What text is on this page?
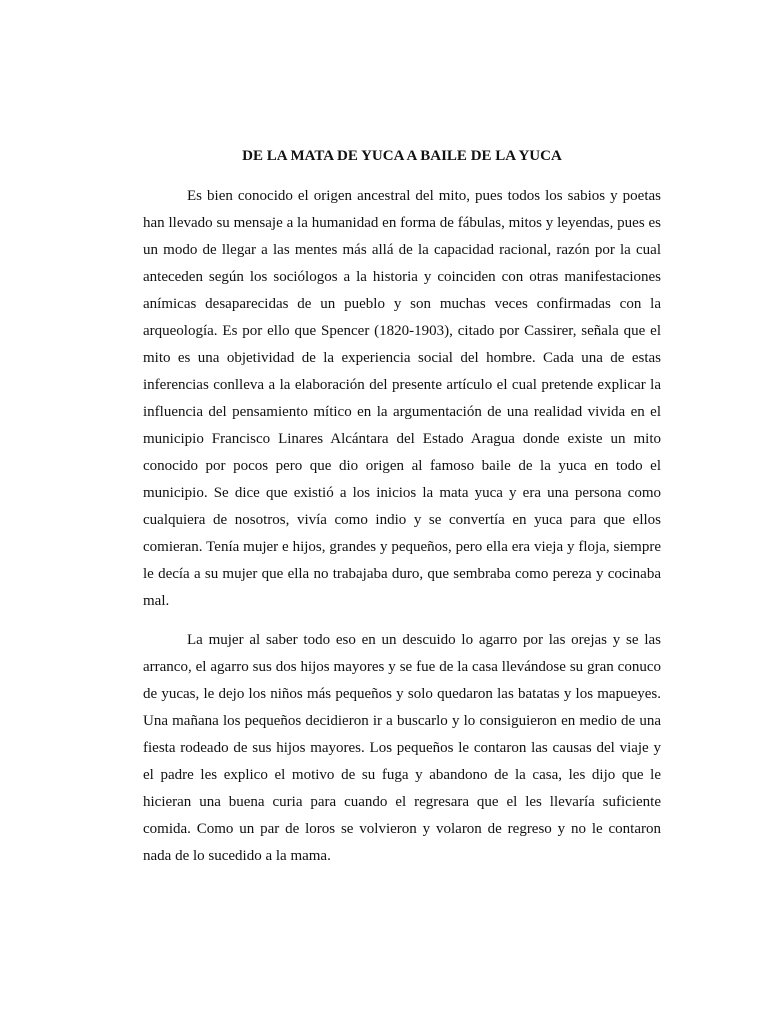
DE LA MATA DE YUCA A BAILE DE LA YUCA

Es bien conocido el origen ancestral del mito, pues todos los sabios y poetas han llevado su mensaje a la humanidad en forma de fábulas, mitos y leyendas, pues es un modo de llegar a las mentes más allá de la capacidad racional, razón por la cual anteceden según los sociólogos a la historia y coinciden con otras manifestaciones anímicas desaparecidas de un pueblo y son muchas veces confirmadas con la arqueología. Es por ello que Spencer (1820-1903), citado por Cassirer, señala que el mito es una objetividad de la experiencia social del hombre. Cada una de estas inferencias conlleva a la elaboración del presente artículo el cual pretende explicar la influencia del pensamiento mítico en la argumentación de una realidad vivida en el municipio Francisco Linares Alcántara del Estado Aragua donde existe un mito conocido por pocos pero que dio origen al famoso baile de la yuca en todo el municipio. Se dice que existió a los inicios la mata yuca y era una persona como cualquiera de nosotros, vivía como indio y se convertía en yuca para que ellos comieran. Tenía mujer e hijos, grandes y pequeños, pero ella era vieja y floja, siempre le decía a su mujer que ella no trabajaba duro, que sembraba como pereza y cocinaba mal.

La mujer al saber todo eso en un descuido lo agarro por las orejas y se las arranco, el agarro sus dos hijos mayores y se fue de la casa llevándose su gran conuco de yucas, le dejo los niños más pequeños y solo quedaron las batatas y los mapueyes. Una mañana los pequeños decidieron ir a buscarlo y lo consiguieron en medio de una fiesta rodeado de sus hijos mayores. Los pequeños le contaron las causas del viaje y el padre les explico el motivo de su fuga y abandono de la casa, les dijo que le hicieran una buena curia para cuando el regresara que el les llevaría suficiente comida. Como un par de loros se volvieron y volaron de regreso y no le contaron nada de lo sucedido a la mama.
